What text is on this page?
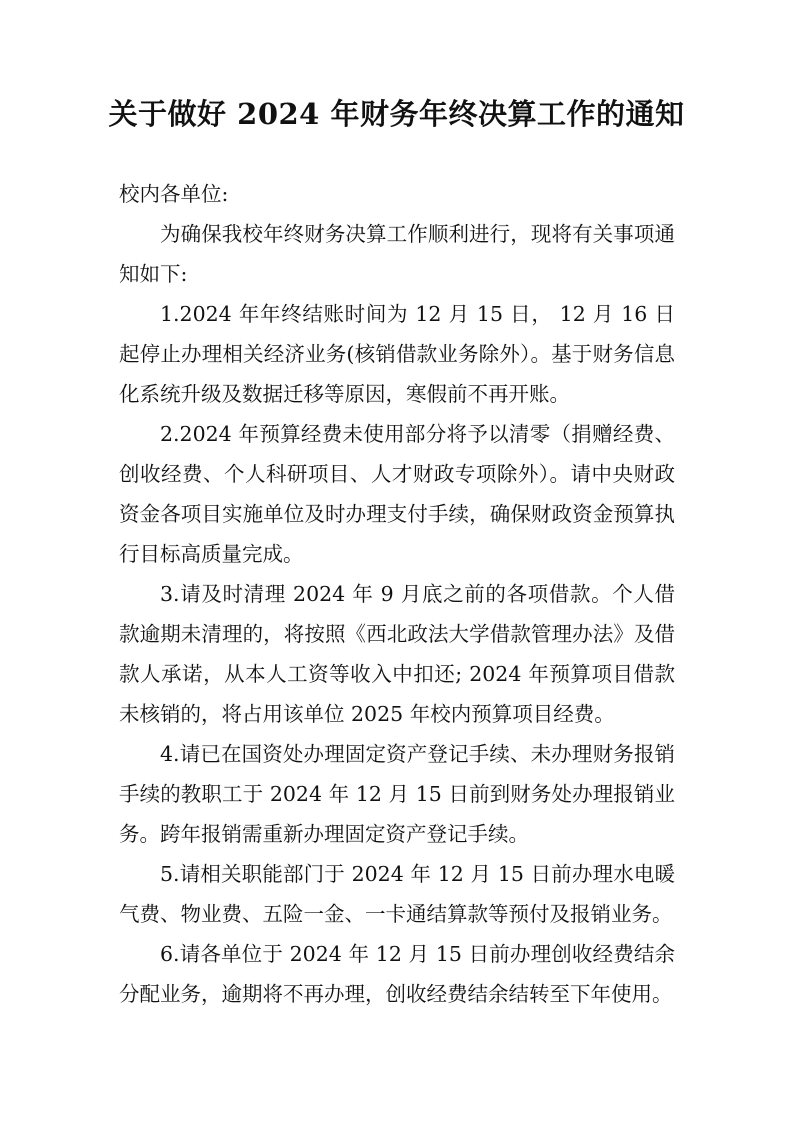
关于做好 2024 年财务年终决算工作的通知

校内各单位:

为确保我校年终财务决算工作顺利进行，现将有关事项通知如下:

1.2024 年年终结账时间为 12 月 15 日， 12 月 16 日起停止办理相关经济业务(核销借款业务除外）。基于财务信息化系统升级及数据迁移等原因，寒假前不再开账。

2.2024 年预算经费未使用部分将予以清零（捐赠经费、创收经费、个人科研项目、人才财政专项除外）。请中央财政资金各项目实施单位及时办理支付手续，确保财政资金预算执行目标高质量完成。

3.请及时清理 2024 年 9 月底之前的各项借款。个人借款逾期未清理的，将按照《西北政法大学借款管理办法》及借款人承诺，从本人工资等收入中扣还; 2024 年预算项目借款未核销的，将占用该单位 2025 年校内预算项目经费。

4.请已在国资处办理固定资产登记手续、未办理财务报销手续的教职工于 2024 年 12 月 15 日前到财务处办理报销业务。跨年报销需重新办理固定资产登记手续。

5.请相关职能部门于 2024 年 12 月 15 日前办理水电暖气费、物业费、五险一金、一卡通结算款等预付及报销业务。

6.请各单位于 2024 年 12 月 15 日前办理创收经费结余分配业务，逾期将不再办理，创收经费结余结转至下年使用。
